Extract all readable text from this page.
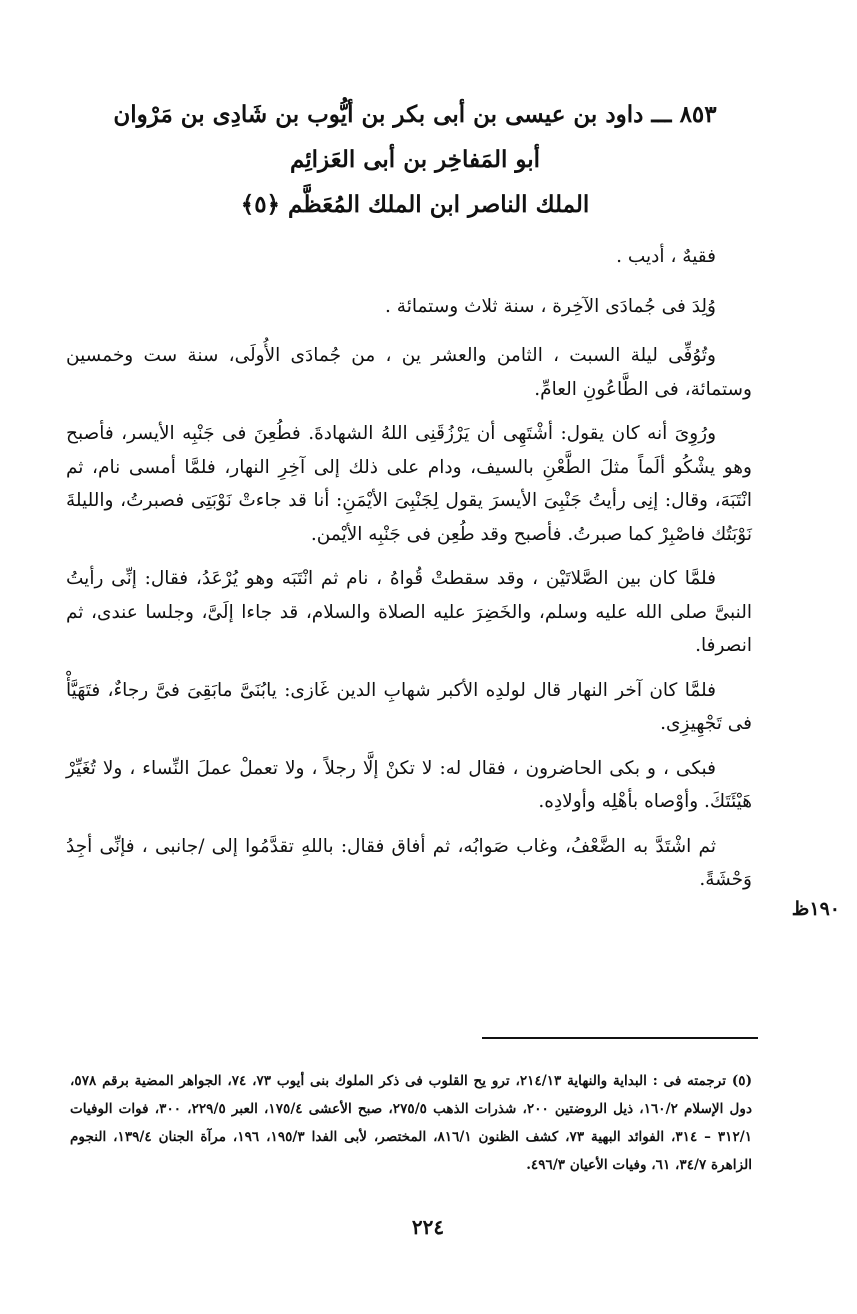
٨٥٣ ـــ داود بن عيسى بن أبى بكر بن أيُّوب بن شَادِى بن مَرْوان
أبو المَفاخِر بن أبى العَزائِم
الملك الناصر ابن الملك المُعَظَّم ﴿٥﴾

فقيهٌ ، أديب .

وُلِدَ فى جُمادَى الآخِرة ، سنة ثلاث وستمائة .

وتُوُفِّى ليلة السبت ، الثامن والعشر ين ، من جُمادَى الأُولَى، سنة ست وخمسين وستمائة، فى الطَّاعُونِ العامِّ.

ورُوِىَ أنه كان يقول: أشْتَهِى أن يَرْزُقَنِى اللهُ الشهادةَ. فطُعِنَ فى جَنْبِه الأيسر، فأصبح وهو يشْكُو ألَماً مثلَ الطَّعْنِ بالسيف، ودام على ذلك إلى آخِرِ النهار، فلمَّا أمسى نام، ثم انْتَبَهَ، وقال: إنِى رأيتُ جَنْبِىَ الأيسرَ يقول لِجَنْبِىَ الأيْمَنِ: أنا قد جاءتْ نَوْبَتِى فصبرتُ، والليلةَ نَوْبَتُك فاصْبِرْ كما صبرتُ. فأصبح وقد طُعِن فى جَنْبِه الأيْمن.

فلمَّا كان بين الصَّلاتَيْن ، وقد سقطتْ قُواهُ ، نام ثم انْتَبَه وهو يُرْعَدُ، فقال: إنِّى رأيتُ النبىَّ صلى الله عليه وسلم، والخَضِرَ عليه الصلاة والسلام، قد جاءا إلَىَّ، وجلسا عندى، ثم انصرفا.

فلمَّا كان آخر النهار قال لولدِه الأكبر شهابِ الدين غَازى: يابُنَىَّ مابَقِىَ فىَّ رجاءٌ، فتَهَيَّأْ فى تَجْهِيزِى.

فبكى ، و بكى الحاضرون ، فقال له: لا تكنْ إلَّا رجلاً ، ولا تعملْ عملَ النِّساء ، ولا تُغَيِّرْ هَيْئَتَكَ. وأوْصاه بأهْلِه وأولادِه.

ثم اشْتَدَّ به الضَّعْفُ، وغاب صَوابُه، ثم أفاق فقال: باللهِ تقدَّمُوا إلى /جانبى ، فإنِّى أجِدُ وَحْشَةً.

١٩٠ظ
(٥) ترجمته فى : البداية والنهاية ٢١٤/١٣، ترو يح القلوب فى ذكر الملوك بنى أيوب ٧٣، ٧٤، الجواهر المضية برقم ٥٧٨، دول الإسلام ١٦٠/٢، ذيل الروضتين ٢٠٠، شذرات الذهب ٢٧٥/٥، صبح الأعشى ١٧٥/٤، العبر ٢٢٩/٥، ٣٠٠، فوات الوفيات ٣١٢/١ – ٣١٤، الفوائد البهية ٧٣، كشف الظنون ٨١٦/١، المختصر، لأبى الفدا ١٩٥/٣، ١٩٦، مرآة الجنان ١٣٩/٤، النجوم الزاهرة ٣٤/٧، ٦١، وفيات الأعيان ٤٩٦/٣.
٢٢٤
